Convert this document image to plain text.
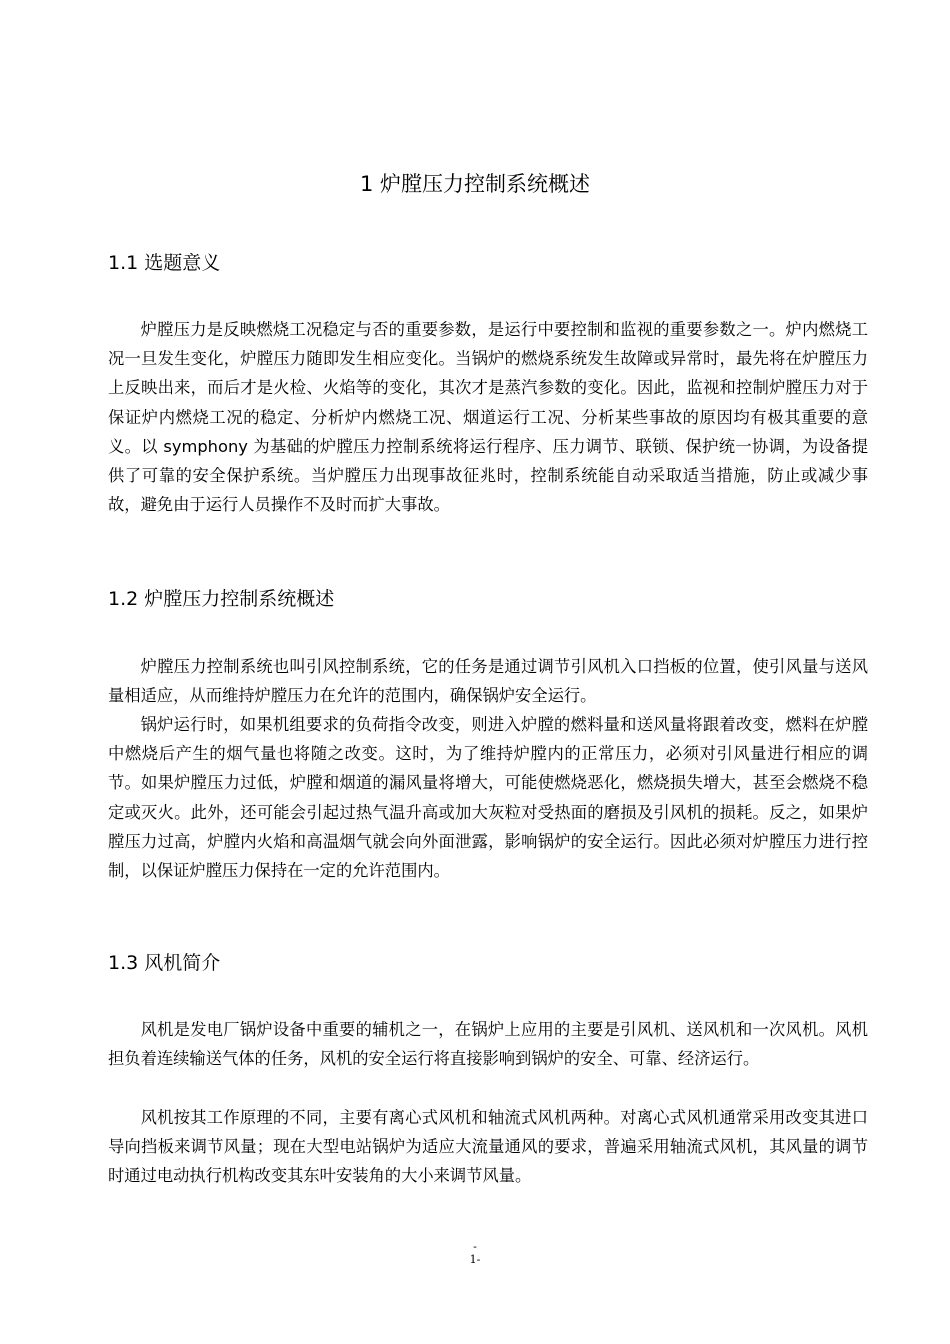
1 炉膛压力控制系统概述
1.1 选题意义

炉膛压力是反映燃烧工况稳定与否的重要参数，是运行中要控制和监视的重要参数之一。炉内燃烧工况一旦发生变化，炉膛压力随即发生相应变化。当锅炉的燃烧系统发生故障或异常时，最先将在炉膛压力上反映出来，而后才是火检、火焰等的变化，其次才是蒸汽参数的变化。因此，监视和控制炉膛压力对于保证炉内燃烧工况的稳定、分析炉内燃烧工况、烟道运行工况、分析某些事故的原因均有极其重要的意义。以 symphony 为基础的炉膛压力控制系统将运行程序、压力调节、联锁、保护统一协调，为设备提供了可靠的安全保护系统。当炉膛压力出现事故征兆时，控制系统能自动采取适当措施，防止或减少事故，避免由于运行人员操作不及时而扩大事故。

1.2 炉膛压力控制系统概述

炉膛压力控制系统也叫引风控制系统，它的任务是通过调节引风机入口挡板的位置，使引风量与送风量相适应，从而维持炉膛压力在允许的范围内，确保锅炉安全运行。

锅炉运行时，如果机组要求的负荷指令改变，则进入炉膛的燃料量和送风量将跟着改变，燃料在炉膛中燃烧后产生的烟气量也将随之改变。这时，为了维持炉膛内的正常压力，必须对引风量进行相应的调节。如果炉膛压力过低，炉膛和烟道的漏风量将增大，可能使燃烧恶化，燃烧损失增大，甚至会燃烧不稳定或灭火。此外，还可能会引起过热气温升高或加大灰粒对受热面的磨损及引风机的损耗。反之，如果炉膛压力过高，炉膛内火焰和高温烟气就会向外面泄露，影响锅炉的安全运行。因此必须对炉膛压力进行控制，以保证炉膛压力保持在一定的允许范围内。

1.3 风机简介

风机是发电厂锅炉设备中重要的辅机之一，在锅炉上应用的主要是引风机、送风机和一次风机。风机担负着连续输送气体的任务，风机的安全运行将直接影响到锅炉的安全、可靠、经济运行。

风机按其工作原理的不同，主要有离心式风机和轴流式风机两种。对离心式风机通常采用改变其进口导向挡板来调节风量；现在大型电站锅炉为适应大流量通风的要求，普遍采用轴流式风机，其风量的调节时通过电动执行机构改变其东叶安装角的大小来调节风量。

-
1-
